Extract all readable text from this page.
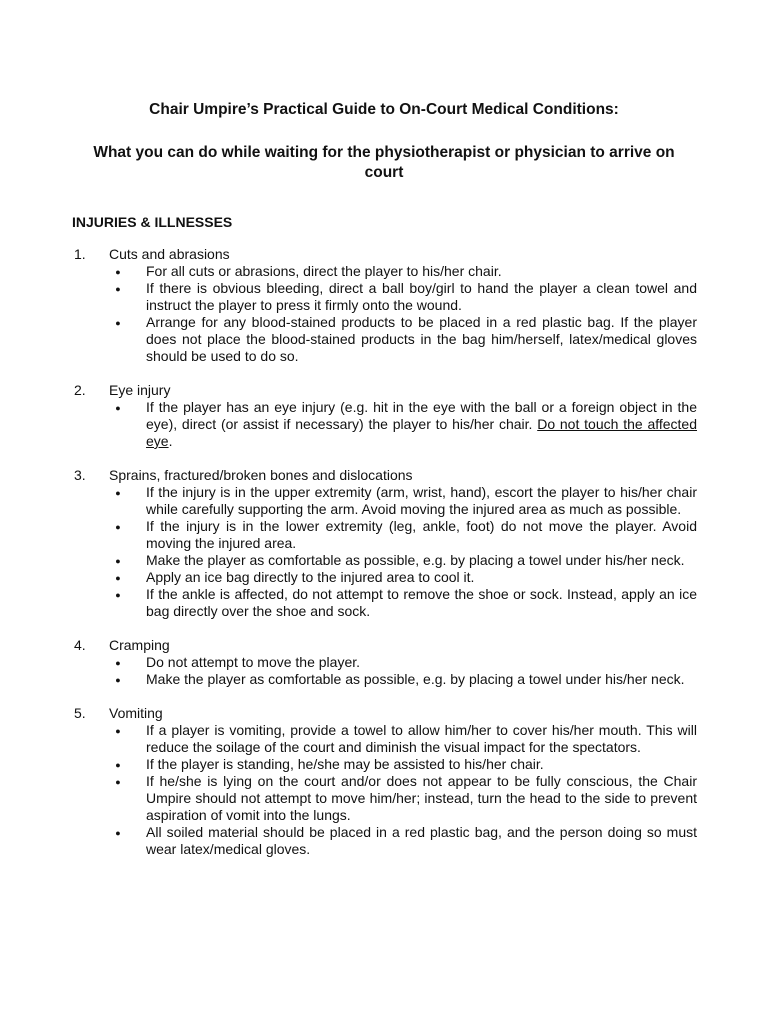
Chair Umpire’s Practical Guide to On-Court Medical Conditions:
What you can do while waiting for the physiotherapist or physician to arrive on court
INJURIES & ILLNESSES
1. Cuts and abrasions
● For all cuts or abrasions, direct the player to his/her chair.
● If there is obvious bleeding, direct a ball boy/girl to hand the player a clean towel and instruct the player to press it firmly onto the wound.
● Arrange for any blood-stained products to be placed in a red plastic bag. If the player does not place the blood-stained products in the bag him/herself, latex/medical gloves should be used to do so.
2. Eye injury
● If the player has an eye injury (e.g. hit in the eye with the ball or a foreign object in the eye), direct (or assist if necessary) the player to his/her chair. Do not touch the affected eye.
3. Sprains, fractured/broken bones and dislocations
● If the injury is in the upper extremity (arm, wrist, hand), escort the player to his/her chair while carefully supporting the arm. Avoid moving the injured area as much as possible.
● If the injury is in the lower extremity (leg, ankle, foot) do not move the player. Avoid moving the injured area.
● Make the player as comfortable as possible, e.g. by placing a towel under his/her neck.
● Apply an ice bag directly to the injured area to cool it.
● If the ankle is affected, do not attempt to remove the shoe or sock. Instead, apply an ice bag directly over the shoe and sock.
4. Cramping
● Do not attempt to move the player.
● Make the player as comfortable as possible, e.g. by placing a towel under his/her neck.
5. Vomiting
● If a player is vomiting, provide a towel to allow him/her to cover his/her mouth. This will reduce the soilage of the court and diminish the visual impact for the spectators.
● If the player is standing, he/she may be assisted to his/her chair.
● If he/she is lying on the court and/or does not appear to be fully conscious, the Chair Umpire should not attempt to move him/her; instead, turn the head to the side to prevent aspiration of vomit into the lungs.
● All soiled material should be placed in a red plastic bag, and the person doing so must wear latex/medical gloves.
